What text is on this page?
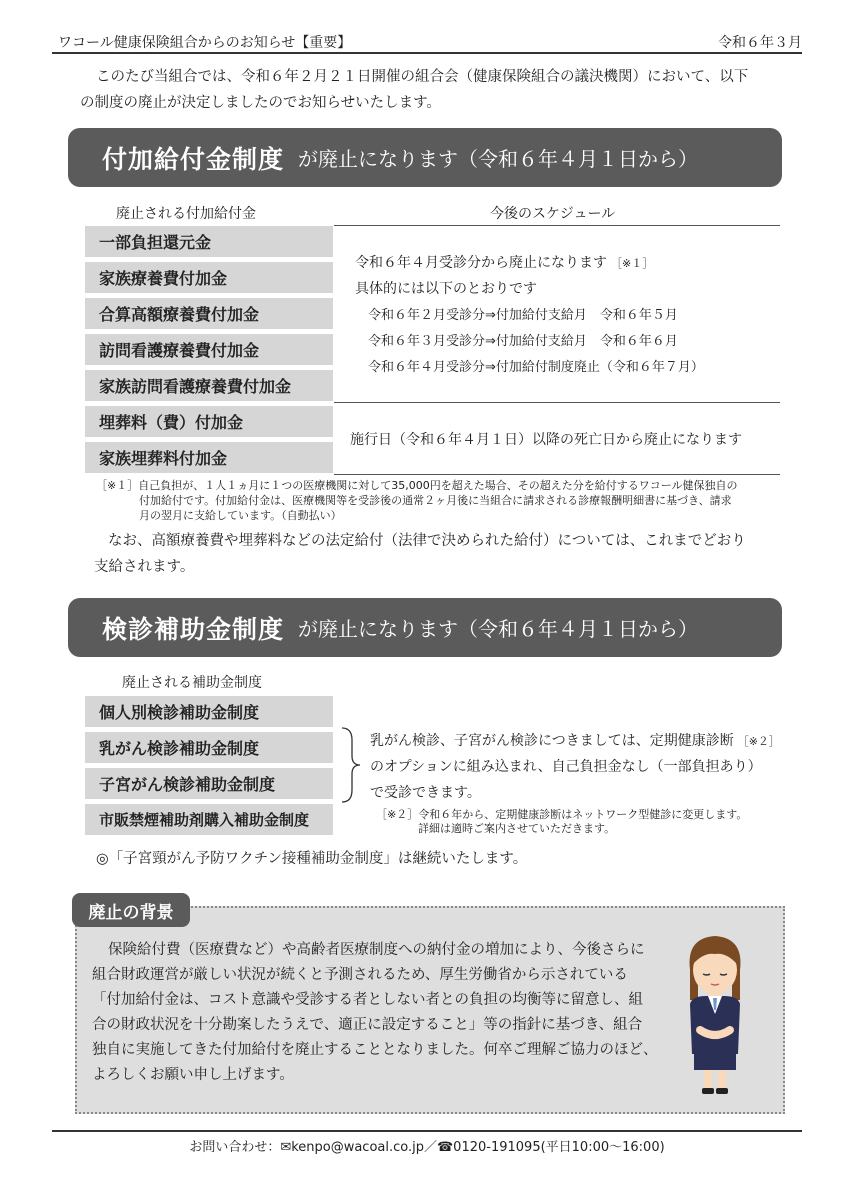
ワコール健康保険組合からのお知らせ【重要】	令和６年３月
このたび当組合では、令和６年２月２１日開催の組合会（健康保険組合の議決機関）において、以下
の制度の廃止が決定しましたのでお知らせいたします。
付加給付金制度 が廃止になります（令和６年４月１日から）
廃止される付加給付金	今後のスケジュール
一部負担還元金
家族療養費付加金
合算高額療養費付加金
訪問看護療養費付加金
家族訪問看護療養費付加金
埋葬料（費）付加金
家族埋葬料付加金
令和６年４月受診分から廃止になります ［※１］
具体的には以下のとおりです
令和６年２月受診分⇒付加給付支給月　令和６年５月
令和６年３月受診分⇒付加給付支給月　令和６年６月
令和６年４月受診分⇒付加給付制度廃止（令和６年７月）
施行日（令和６年４月１日）以降の死亡日から廃止になります
［※１］自己負担が、１人１ヵ月に１つの医療機関に対して35,000円を超えた場合、その超えた分を給付するワコール健保独自の
付加給付です。付加給付金は、医療機関等を受診後の通常２ヶ月後に当組合に請求される診療報酬明細書に基づき、請求
月の翌月に支給しています。（自動払い）
なお、高額療養費や埋葬料などの法定給付（法律で決められた給付）については、これまでどおり
支給されます。
検診補助金制度 が廃止になります（令和６年４月１日から）
廃止される補助金制度
個人別検診補助金制度
乳がん検診補助金制度
子宮がん検診補助金制度
市販禁煙補助剤購入補助金制度
乳がん検診、子宮がん検診につきましては、定期健康診断 ［※２］
のオプションに組み込まれ、自己負担金なし（一部負担あり）
で受診できます。
［※２］令和６年から、定期健康診断はネットワーク型健診に変更します。
詳細は適時ご案内させていただきます。
◎「子宮頸がん予防ワクチン接種補助金制度」は継続いたします。
廃止の背景
保険給付費（医療費など）や高齢者医療制度への納付金の増加により、今後さらに
組合財政運営が厳しい状況が続くと予測されるため、厚生労働省から示されている
「付加給付金は、コスト意識や受診する者としない者との負担の均衡等に留意し、組
合の財政状況を十分勘案したうえで、適正に設定すること」等の指針に基づき、組合
独自に実施してきた付加給付を廃止することとなりました。何卒ご理解ご協力のほど、
よろしくお願い申し上げます。
お問い合わせ：✉kenpo@wacoal.co.jp／☎0120-191095(平日10:00～16:00)
